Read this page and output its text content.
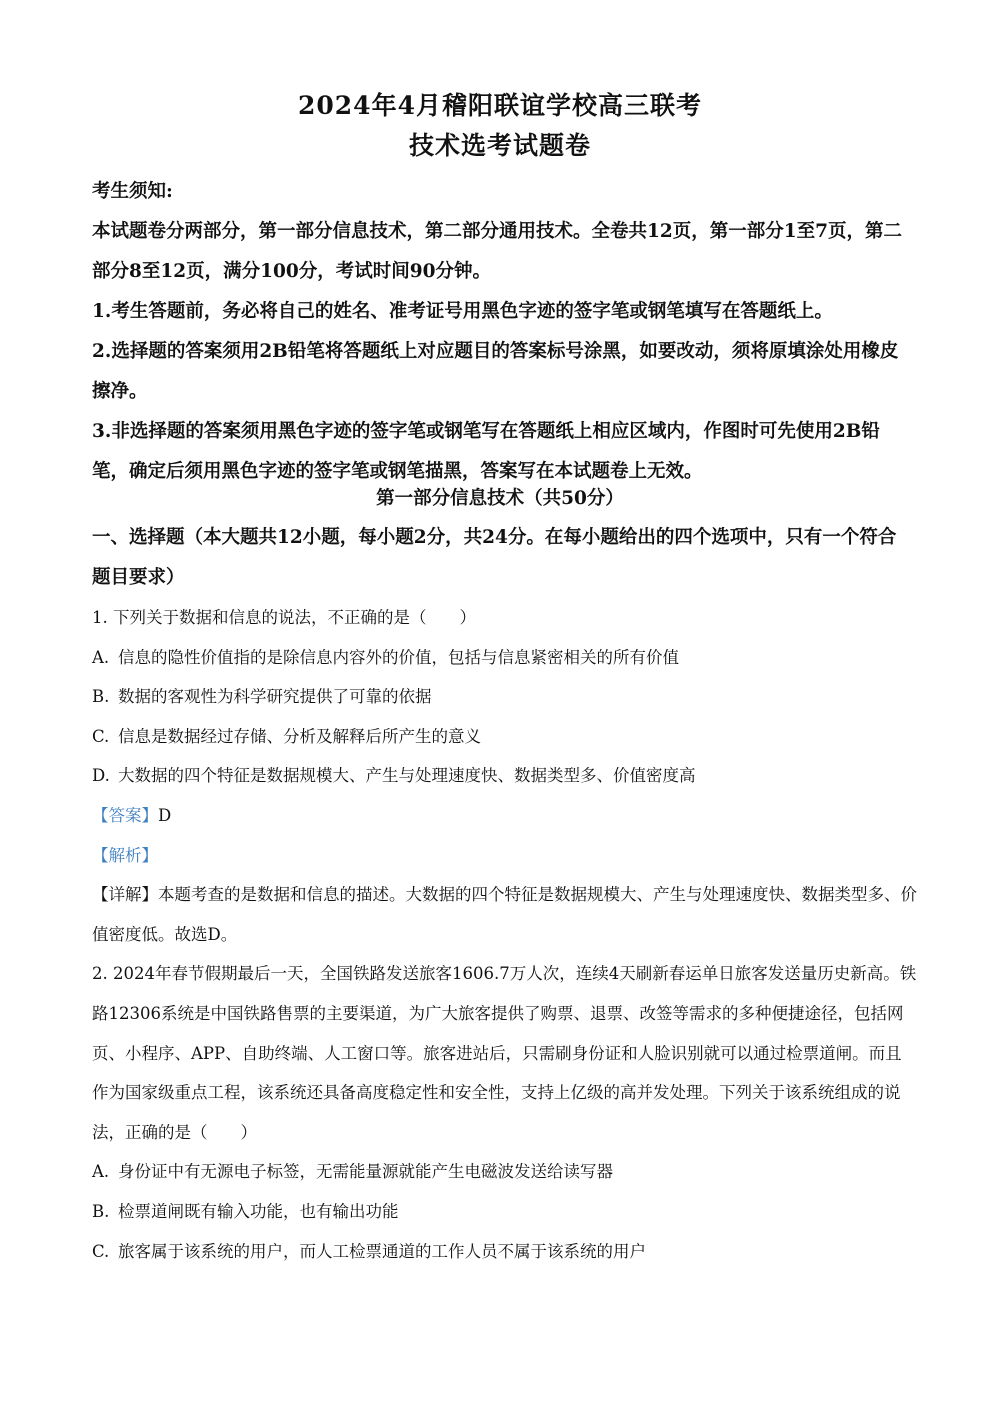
2024年4月稽阳联谊学校高三联考
技术选考试题卷

考生须知:

本试题卷分两部分，第一部分信息技术，第二部分通用技术。全卷共12页，第一部分1至7页，第二部分8至12页，满分100分，考试时间90分钟。

1.考生答题前，务必将自己的姓名、准考证号用黑色字迹的签字笔或钢笔填写在答题纸上。

2.选择题的答案须用2B铅笔将答题纸上对应题目的答案标号涂黑，如要改动，须将原填涂处用橡皮擦净。

3.非选择题的答案须用黑色字迹的签字笔或钢笔写在答题纸上相应区域内，作图时可先使用2B铅笔，确定后须用黑色字迹的签字笔或钢笔描黑，答案写在本试题卷上无效。

第一部分信息技术（共50分）

一、选择题（本大题共12小题，每小题2分，共24分。在每小题给出的四个选项中，只有一个符合题目要求）

1. 下列关于数据和信息的说法，不正确的是（　　）

A. 信息的隐性价值指的是除信息内容外的价值，包括与信息紧密相关的所有价值

B. 数据的客观性为科学研究提供了可靠的依据

C. 信息是数据经过存储、分析及解释后所产生的意义

D. 大数据的四个特征是数据规模大、产生与处理速度快、数据类型多、价值密度高

【答案】D

【解析】

【详解】本题考查的是数据和信息的描述。大数据的四个特征是数据规模大、产生与处理速度快、数据类型多、价值密度低。故选D。

2. 2024年春节假期最后一天，全国铁路发送旅客1606.7万人次，连续4天刷新春运单日旅客发送量历史新高。铁路12306系统是中国铁路售票的主要渠道，为广大旅客提供了购票、退票、改签等需求的多种便捷途径，包括网页、小程序、APP、自助终端、人工窗口等。旅客进站后，只需刷身份证和人脸识别就可以通过检票道闸。而且作为国家级重点工程，该系统还具备高度稳定性和安全性，支持上亿级的高并发处理。下列关于该系统组成的说法，正确的是（　　）

A. 身份证中有无源电子标签，无需能量源就能产生电磁波发送给读写器

B. 检票道闸既有输入功能，也有输出功能

C. 旅客属于该系统的用户，而人工检票通道的工作人员不属于该系统的用户
